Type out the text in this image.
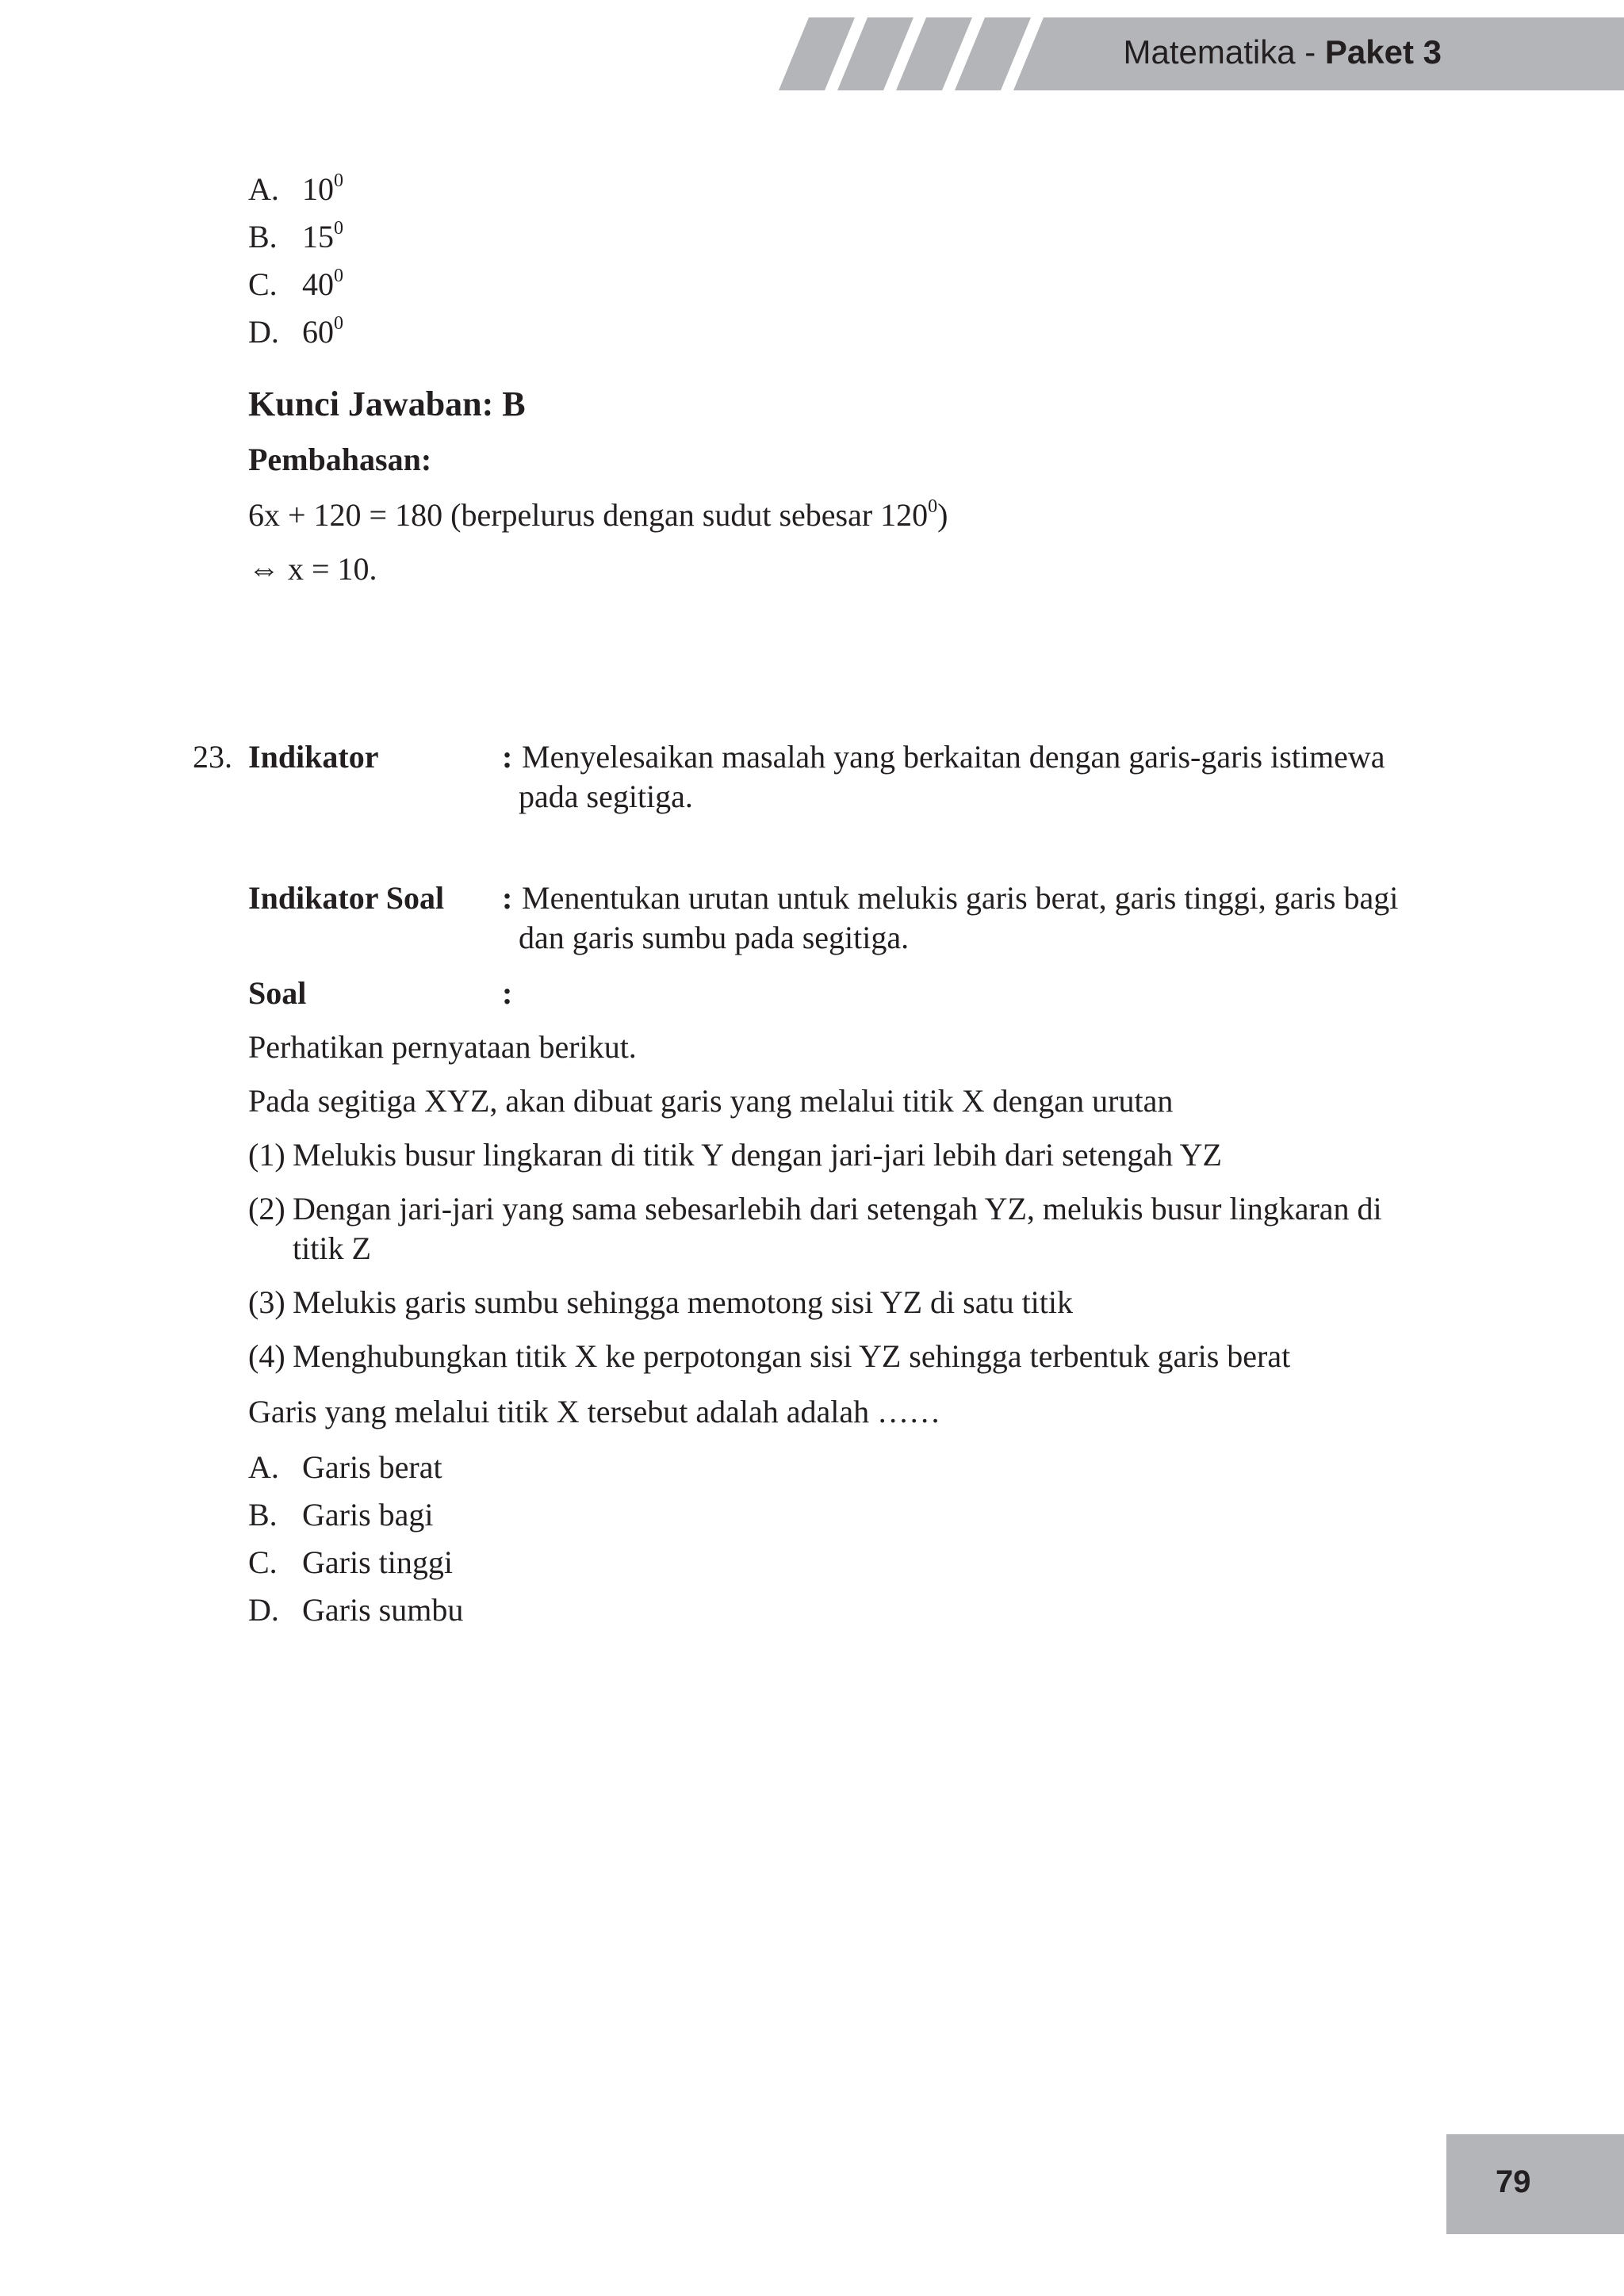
Matematika - Paket 3
A. $10^0$
B. $15^0$
C. $40^0$
D. $60^0$
Kunci Jawaban: B
Pembahasan:
6x + 120 = 180 (berpelurus dengan sudut sebesar $120^0$)
⇔ x = 10.
23. Indikator	: Menyelesaikan masalah yang berkaitan dengan garis-garis istimewa
pada segitiga.
Indikator Soal : Menentukan urutan untuk melukis garis berat, garis tinggi, garis bagi
dan garis sumbu pada segitiga.
Soal	:
Perhatikan pernyataan berikut.
Pada segitiga XYZ, akan dibuat garis yang melalui titik X dengan urutan
(1) Melukis busur lingkaran di titik Y dengan jari-jari lebih dari setengah YZ
(2) Dengan jari-jari yang sama sebesarlebih dari setengah YZ, melukis busur lingkaran di
titik Z
(3) Melukis garis sumbu sehingga memotong sisi YZ di satu titik
(4) Menghubungkan titik X ke perpotongan sisi YZ sehingga terbentuk garis berat
Garis yang melalui titik X tersebut adalah adalah ……
A. Garis berat
B. Garis bagi
C. Garis tinggi
D. Garis sumbu
79
